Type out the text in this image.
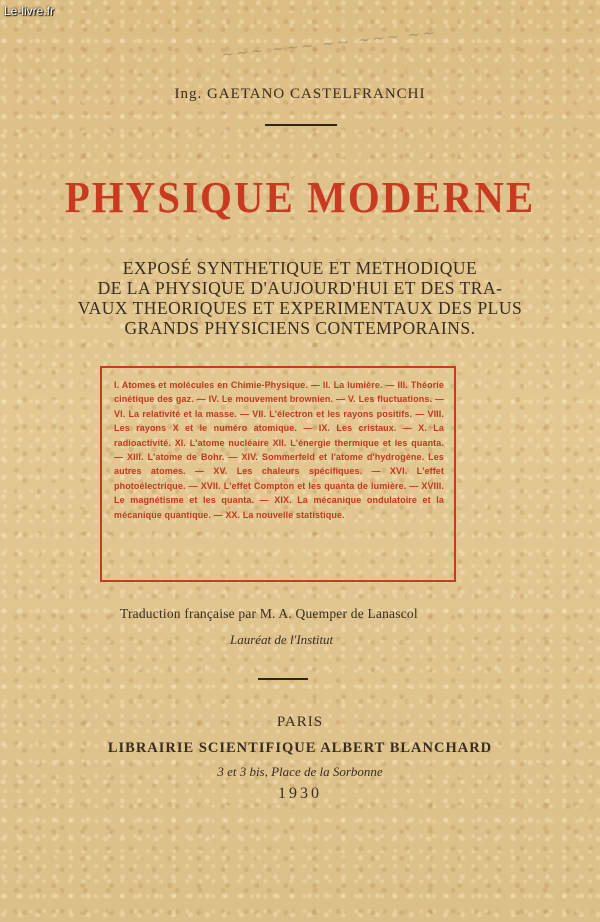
Le-livre.fr
~~~ ~~~ ~~ ~~~ ~~
Ing. GAETANO CASTELFRANCHI
PHYSIQUE MODERNE
EXPOSÉ SYNTHETIQUE ET METHODIQUE
DE LA PHYSIQUE D'AUJOURD'HUI ET DES TRA-
VAUX THEORIQUES ET EXPERIMENTAUX DES PLUS
GRANDS PHYSICIENS CONTEMPORAINS.

I. Atomes et molécules en Chimie-Physique. — II. La lumière. — III. Théorie cinétique des gaz. — IV. Le mouvement brownien. — V. Les fluctuations. — VI. La relativité et la masse. — VII. L'électron et les rayons positifs. — VIII. Les rayons X et le numéro atomique. — IX. Les cristaux. — X. La radioactivité. XI. L'atome nucléaire XII. L'énergie thermique et les quanta. — XIII. L'atome de Bohr. — XIV. Sommerfeld et l'atome d'hydrogène. Les autres atomes. — XV. Les chaleurs spécifiques. — XVI. L'effet photoélectrique. — XVII. L'effet Compton et les quanta de lumière. — XVIII. Le magnétisme et les quanta. — XIX. La mécanique ondulatoire et la mécanique quantique. — XX. La nouvelle statistique.

Traduction française par M. A. Quemper de Lanascol
Lauréat de l'Institut
PARIS
LIBRAIRIE SCIENTIFIQUE ALBERT BLANCHARD
3 et 3 bis, Place de la Sorbonne
1930
